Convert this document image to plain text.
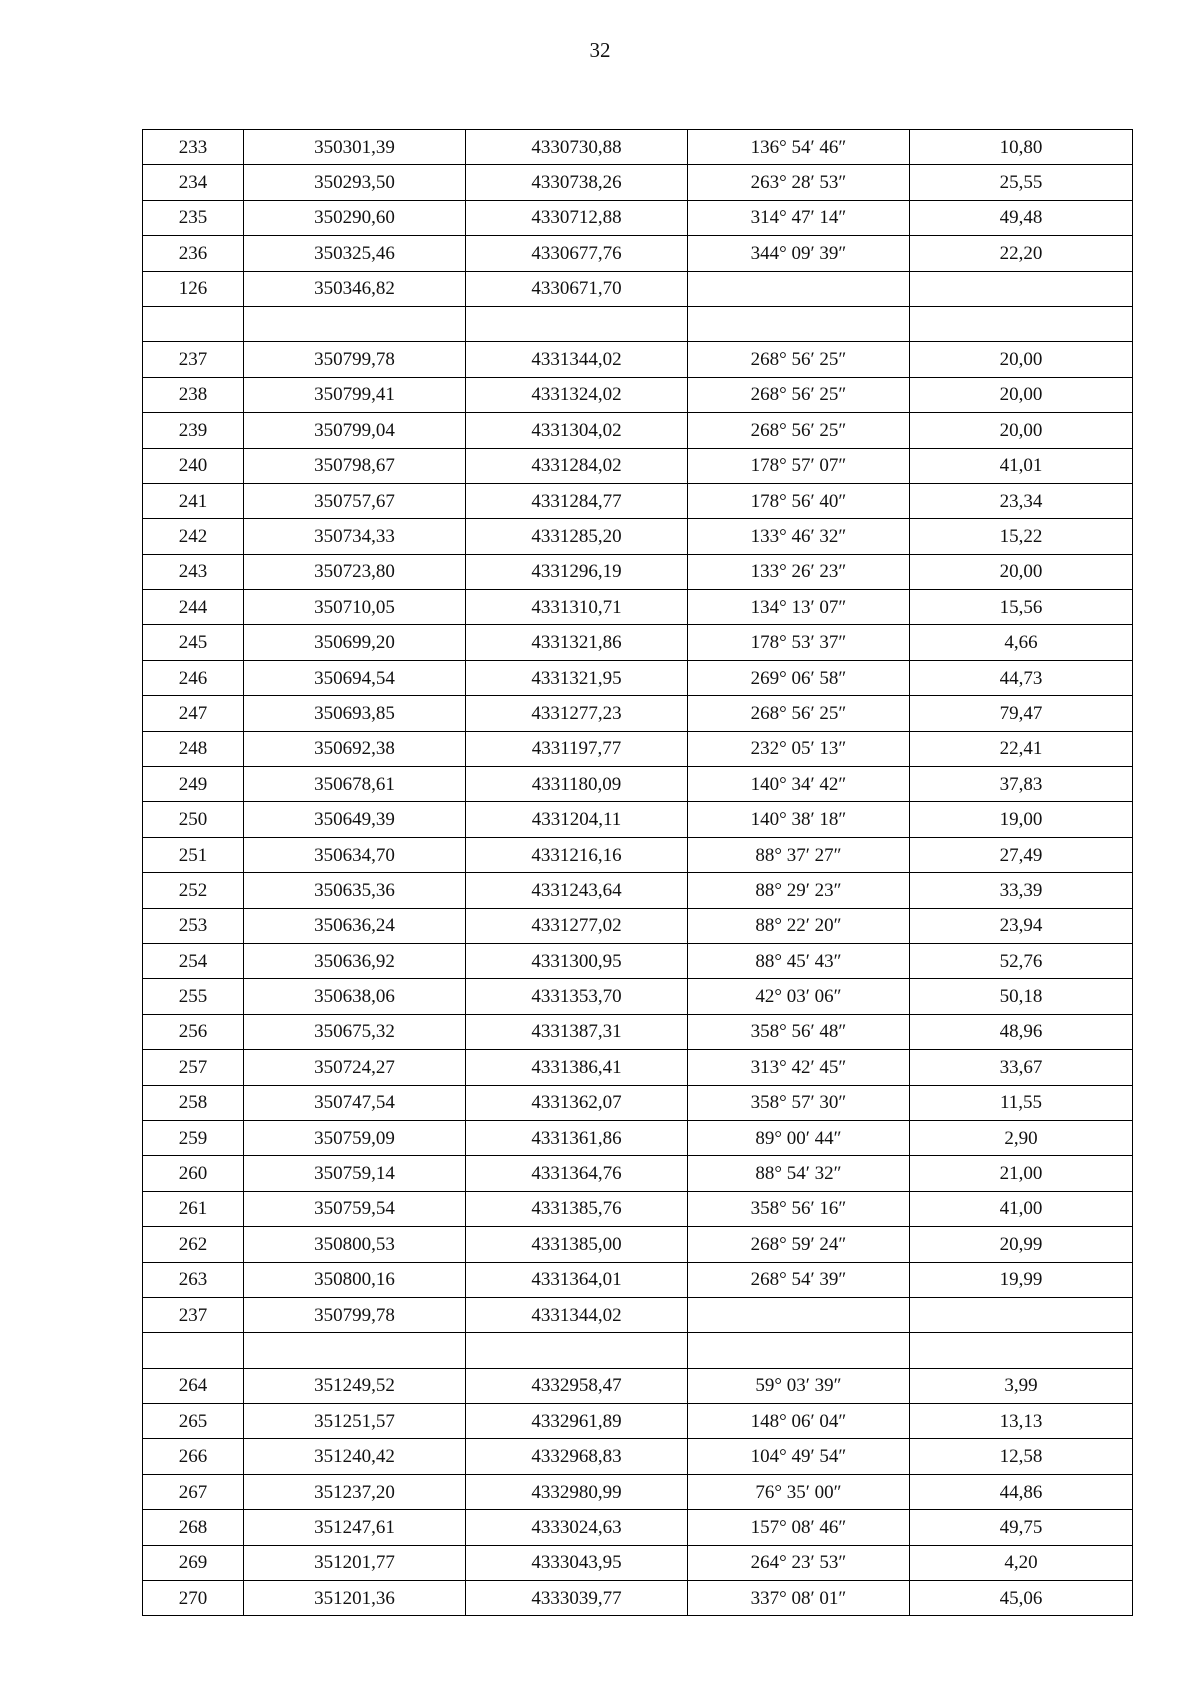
32
233	350301,39	4330730,88	136° 54′ 46″	10,80
234	350293,50	4330738,26	263° 28′ 53″	25,55
235	350290,60	4330712,88	314° 47′ 14″	49,48
236	350325,46	4330677,76	344° 09′ 39″	22,20
126	350346,82	4330671,70		

237	350799,78	4331344,02	268° 56′ 25″	20,00
238	350799,41	4331324,02	268° 56′ 25″	20,00
239	350799,04	4331304,02	268° 56′ 25″	20,00
240	350798,67	4331284,02	178° 57′ 07″	41,01
241	350757,67	4331284,77	178° 56′ 40″	23,34
242	350734,33	4331285,20	133° 46′ 32″	15,22
243	350723,80	4331296,19	133° 26′ 23″	20,00
244	350710,05	4331310,71	134° 13′ 07″	15,56
245	350699,20	4331321,86	178° 53′ 37″	4,66
246	350694,54	4331321,95	269° 06′ 58″	44,73
247	350693,85	4331277,23	268° 56′ 25″	79,47
248	350692,38	4331197,77	232° 05′ 13″	22,41
249	350678,61	4331180,09	140° 34′ 42″	37,83
250	350649,39	4331204,11	140° 38′ 18″	19,00
251	350634,70	4331216,16	88° 37′ 27″	27,49
252	350635,36	4331243,64	88° 29′ 23″	33,39
253	350636,24	4331277,02	88° 22′ 20″	23,94
254	350636,92	4331300,95	88° 45′ 43″	52,76
255	350638,06	4331353,70	42° 03′ 06″	50,18
256	350675,32	4331387,31	358° 56′ 48″	48,96
257	350724,27	4331386,41	313° 42′ 45″	33,67
258	350747,54	4331362,07	358° 57′ 30″	11,55
259	350759,09	4331361,86	89° 00′ 44″	2,90
260	350759,14	4331364,76	88° 54′ 32″	21,00
261	350759,54	4331385,76	358° 56′ 16″	41,00
262	350800,53	4331385,00	268° 59′ 24″	20,99
263	350800,16	4331364,01	268° 54′ 39″	19,99
237	350799,78	4331344,02		

264	351249,52	4332958,47	59° 03′ 39″	3,99
265	351251,57	4332961,89	148° 06′ 04″	13,13
266	351240,42	4332968,83	104° 49′ 54″	12,58
267	351237,20	4332980,99	76° 35′ 00″	44,86
268	351247,61	4333024,63	157° 08′ 46″	49,75
269	351201,77	4333043,95	264° 23′ 53″	4,20
270	351201,36	4333039,77	337° 08′ 01″	45,06
